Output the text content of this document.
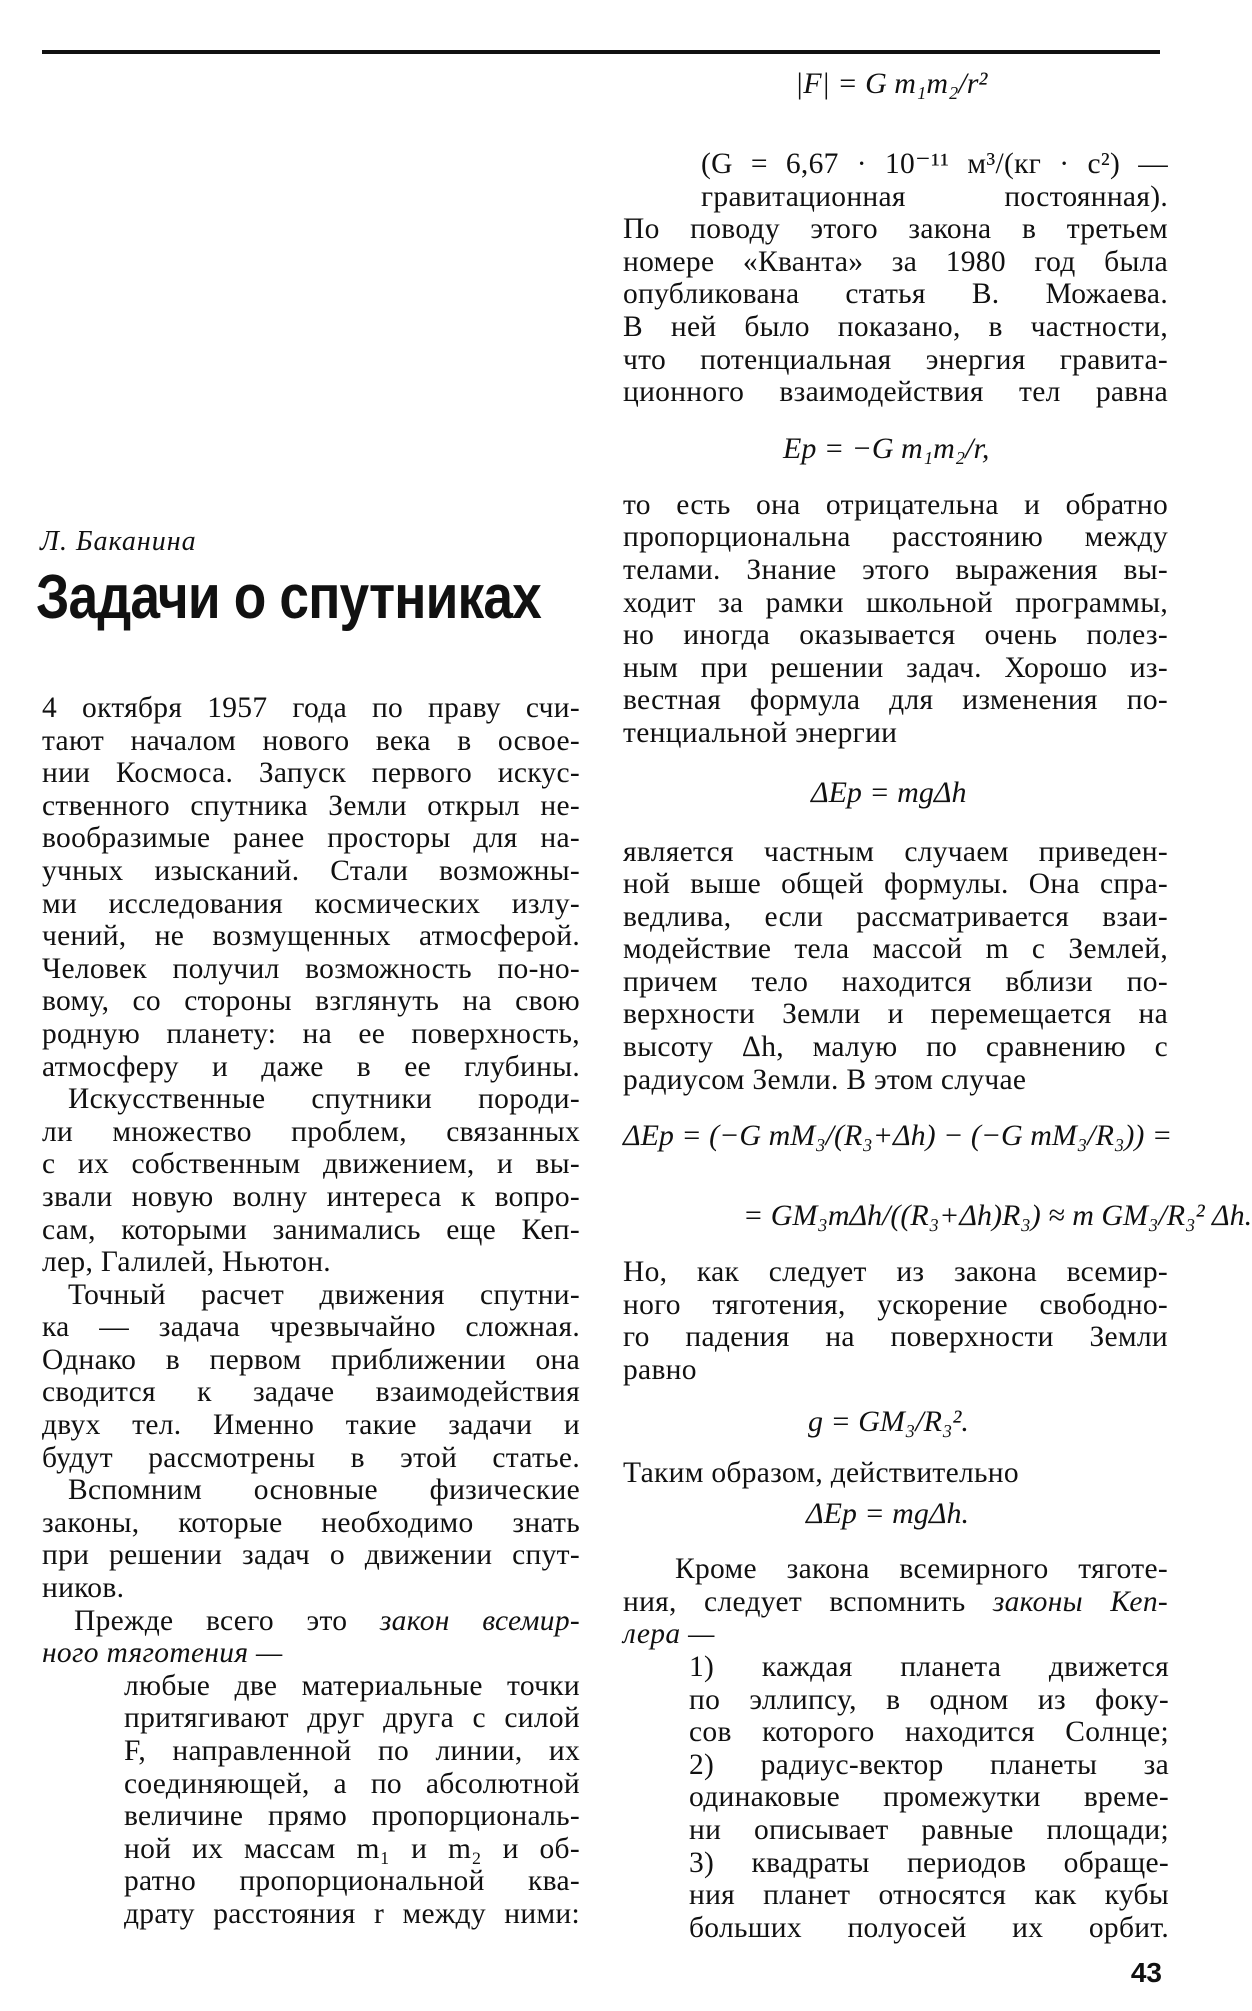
Л. Баканина
Задачи о спутниках
4 октября 1957 года по праву счи-
тают началом нового века в освое-
нии Космоса. Запуск первого искус-
ственного спутника Земли открыл не-
вообразимые ранее просторы для на-
учных изысканий. Стали возможны-
ми исследования космических излу-
чений, не возмущенных атмосферой.
Человек получил возможность по-но-
вому, со стороны взглянуть на свою
родную планету: на ее поверхность,
атмосферу и даже в ее глубины.
Искусственные спутники породи-
ли множество проблем, связанных
с их собственным движением, и вы-
звали новую волну интереса к вопро-
сам, которыми занимались еще Кеп-
лер, Галилей, Ньютон.
Точный расчет движения спутни-
ка — задача чрезвычайно сложная.
Однако в первом приближении она
сводится к задаче взаимодействия
двух тел. Именно такие задачи и
будут рассмотрены в этой статье.
Вспомним основные физические
законы, которые необходимо знать
при решении задач о движении спут-
ников.
Прежде всего это закон всемир-
ного тяготения —
любые две материальные точки
притягивают друг друга с силой
F, направленной по линии, их
соединяющей, а по абсолютной
величине прямо пропорциональ-
ной их массам m₁ и m₂ и об-
ратно пропорциональной ква-
драту расстояния r между ними:
|F| = G m₁m₂/r²
(G = 6,67 · 10⁻¹¹ м³/(кг · с²) —
гравитационная постоянная).
По поводу этого закона в третьем
номере «Кванта» за 1980 год была
опубликована статья В. Можаева.
В ней было показано, в частности,
что потенциальная энергия гравита-
ционного взаимодействия тел равна
Ep = −G m₁m₂/r,
то есть она отрицательна и обратно
пропорциональна расстоянию между
телами. Знание этого выражения вы-
ходит за рамки школьной программы,
но иногда оказывается очень полез-
ным при решении задач. Хорошо из-
вестная формула для изменения по-
тенциальной энергии
ΔEp = mgΔh
является частным случаем приведен-
ной выше общей формулы. Она спра-
ведлива, если рассматривается взаи-
модействие тела массой m с Землей,
причем тело находится вблизи по-
верхности Земли и перемещается на
высоту Δh, малую по сравнению с
радиусом Земли. В этом случае
ΔEp = (−G mM₃/(R₃+Δh) − (−G mM₃/R₃)) =
= GM₃mΔh/((R₃+Δh)R₃) ≈ m GM₃/R₃² Δh.
Но, как следует из закона всемир-
ного тяготения, ускорение свободно-
го падения на поверхности Земли
равно
g = GM₃/R₃².
Таким образом, действительно
ΔEp = mgΔh.
Кроме закона всемирного тяготе-
ния, следует вспомнить законы Кеп-
лера —
1) каждая планета движется
по эллипсу, в одном из фоку-
сов которого находится Солнце;
2) радиус-вектор планеты за
одинаковые промежутки време-
ни описывает равные площади;
3) квадраты периодов обраще-
ния планет относятся как кубы
больших полуосей их орбит.
43
